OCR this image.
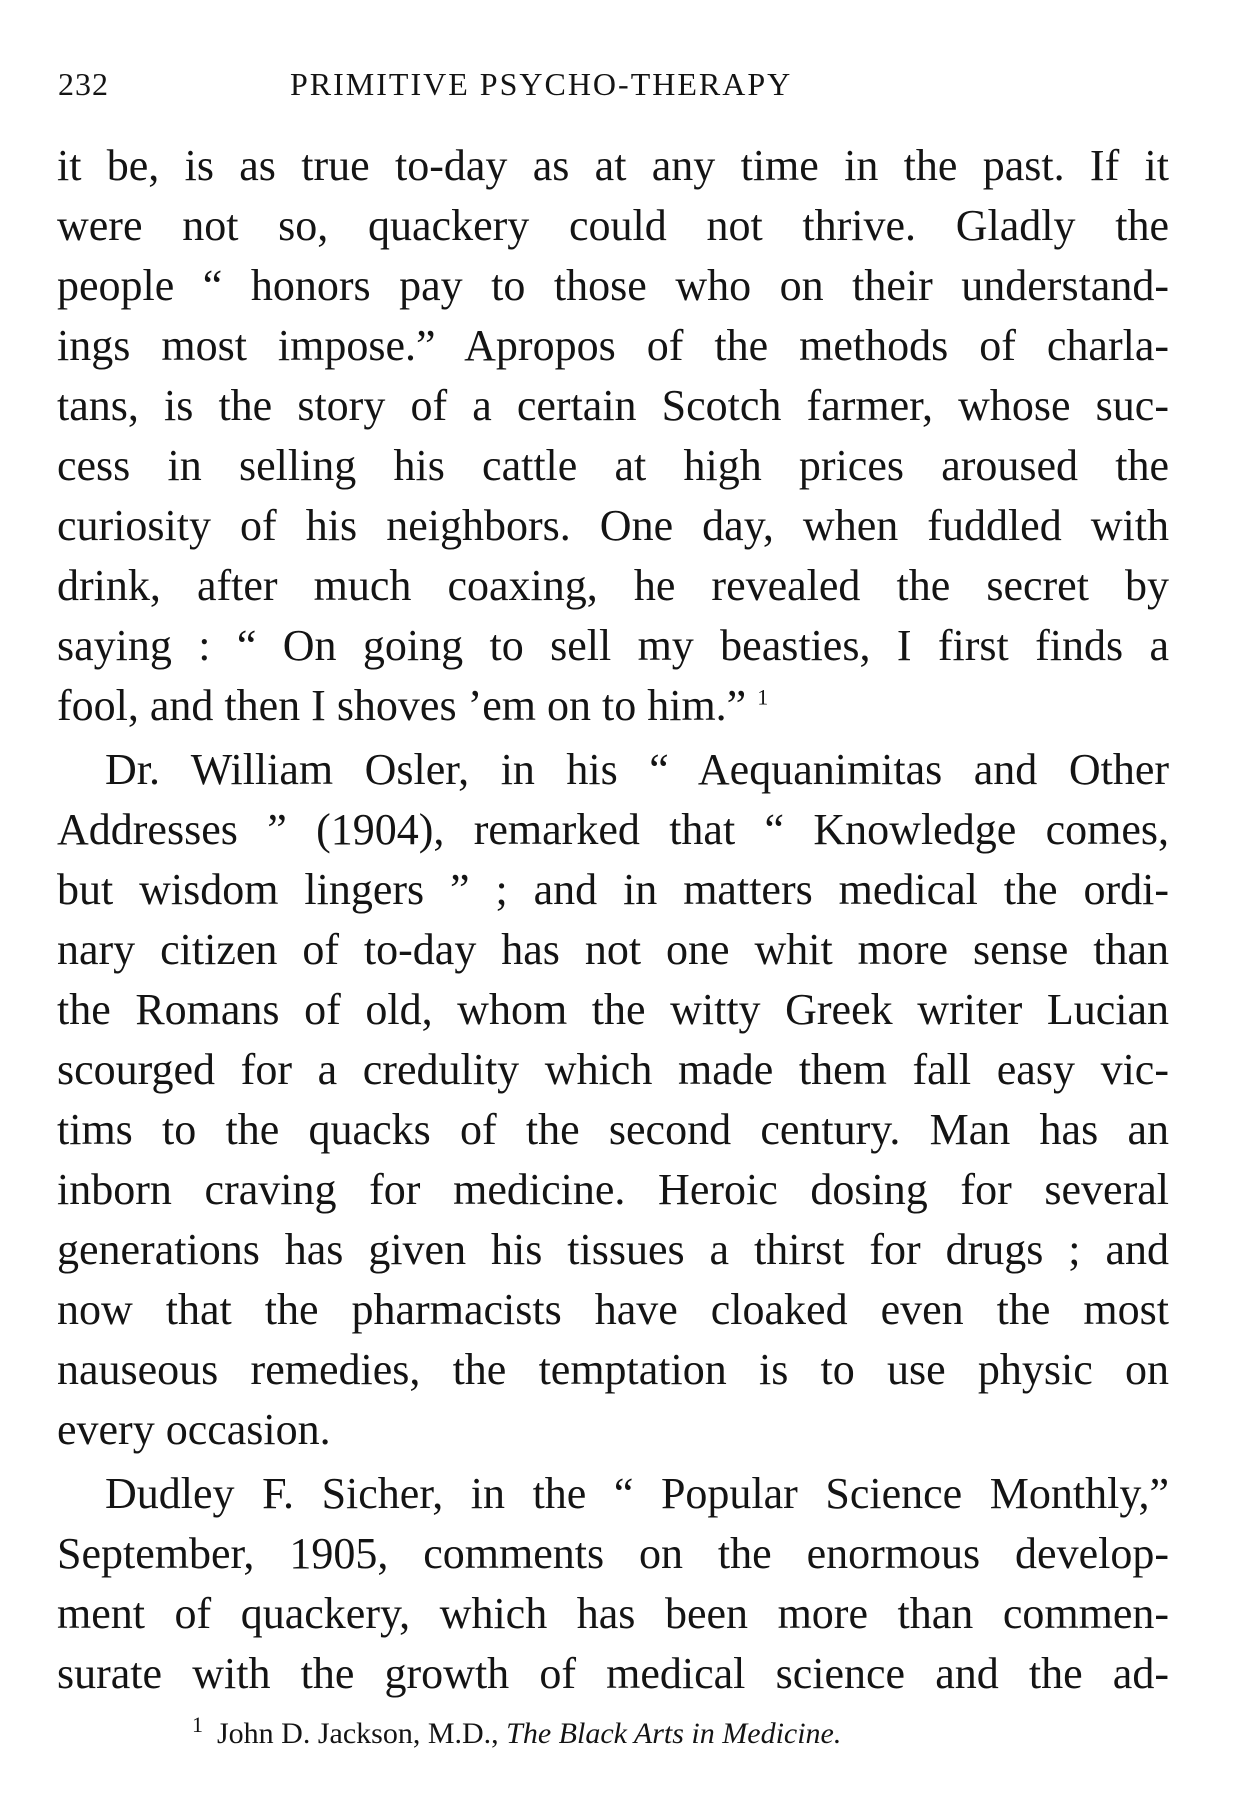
232	PRIMITIVE PSYCHO-THERAPY
it be, is as true to-day as at any time in the past. If it
were not so, quackery could not thrive. Gladly the
people “ honors pay to those who on their understand-
ings most impose.” Apropos of the methods of charla-
tans, is the story of a certain Scotch farmer, whose suc-
cess in selling his cattle at high prices aroused the
curiosity of his neighbors. One day, when fuddled with
drink, after much coaxing, he revealed the secret by
saying : “ On going to sell my beasties, I first finds a
fool, and then I shoves ’em on to him.” $^1$
Dr. William Osler, in his “ Aequanimitas and Other
Addresses ” (1904), remarked that “ Knowledge comes,
but wisdom lingers ” ; and in matters medical the ordi-
nary citizen of to-day has not one whit more sense than
the Romans of old, whom the witty Greek writer Lucian
scourged for a credulity which made them fall easy vic-
tims to the quacks of the second century. Man has an
inborn craving for medicine. Heroic dosing for several
generations has given his tissues a thirst for drugs ; and
now that the pharmacists have cloaked even the most
nauseous remedies, the temptation is to use physic on
every occasion.
Dudley F. Sicher, in the “ Popular Science Monthly,”
September, 1905, comments on the enormous develop-
ment of quackery, which has been more than commen-
surate with the growth of medical science and the ad-
$^1$ John D. Jackson, M.D., The Black Arts in Medicine.
